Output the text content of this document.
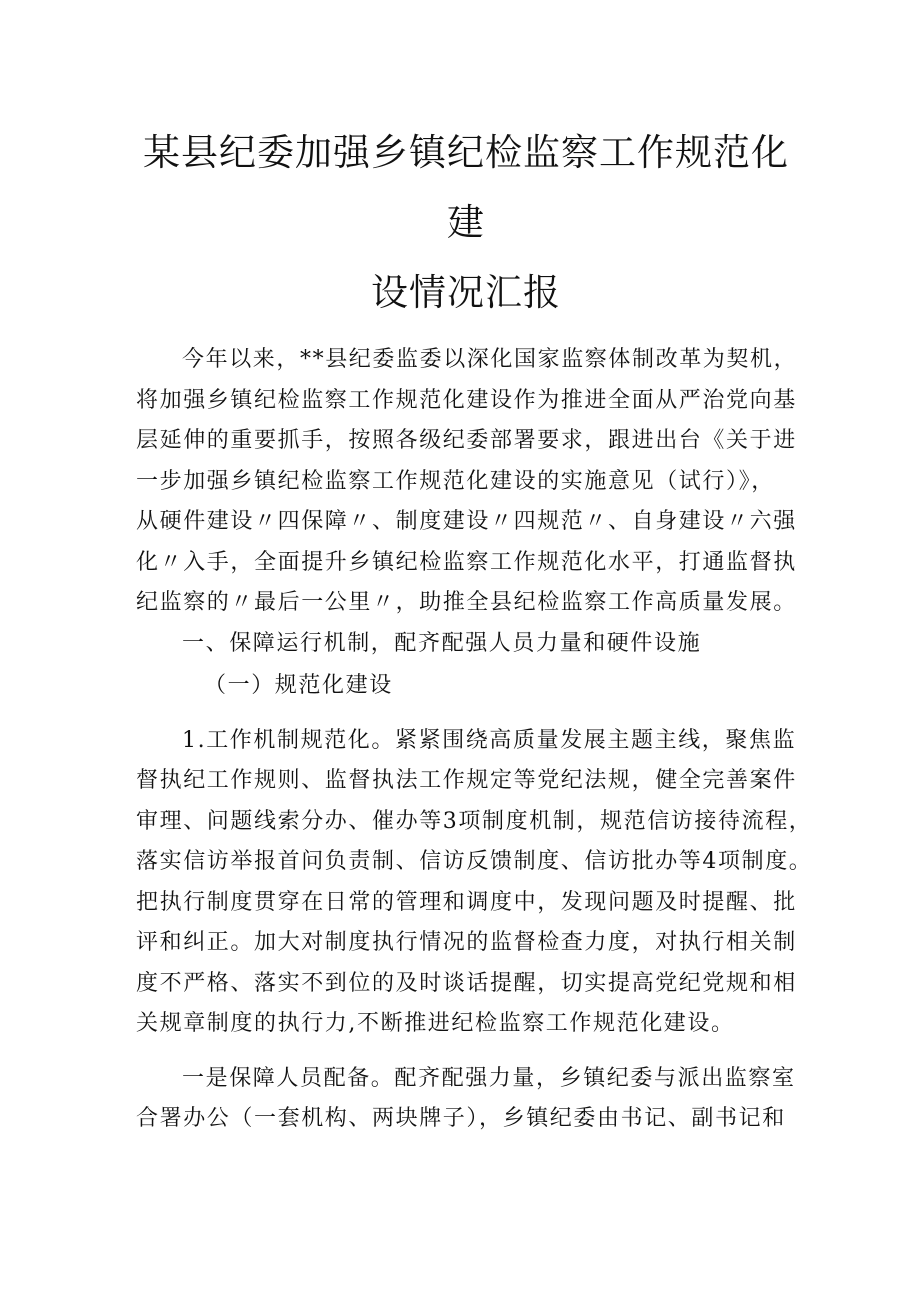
某县纪委加强乡镇纪检监察工作规范化建
设情况汇报
今年以来，**县纪委监委以深化国家监察体制改革为契机，
将加强乡镇纪检监察工作规范化建设作为推进全面从严治党向基
层延伸的重要抓手，按照各级纪委部署要求，跟进出台《关于进
一步加强乡镇纪检监察工作规范化建设的实施意见（试行）》，
从硬件建设〃四保障〃、制度建设〃四规范〃、自身建设〃六强
化〃入手，全面提升乡镇纪检监察工作规范化水平，打通监督执
纪监察的〃最后一公里〃，助推全县纪检监察工作高质量发展。
一、保障运行机制，配齐配强人员力量和硬件设施
（一）规范化建设
1.工作机制规范化。紧紧围绕高质量发展主题主线，聚焦监
督执纪工作规则、监督执法工作规定等党纪法规，健全完善案件
审理、问题线索分办、催办等3项制度机制，规范信访接待流程，
落实信访举报首问负责制、信访反馈制度、信访批办等4项制度。
把执行制度贯穿在日常的管理和调度中，发现问题及时提醒、批
评和纠正。加大对制度执行情况的监督检查力度，对执行相关制
度不严格、落实不到位的及时谈话提醒，切实提高党纪党规和相
关规章制度的执行力,不断推进纪检监察工作规范化建设。
一是保障人员配备。配齐配强力量，乡镇纪委与派出监察室
合署办公（一套机构、两块牌子），乡镇纪委由书记、副书记和
